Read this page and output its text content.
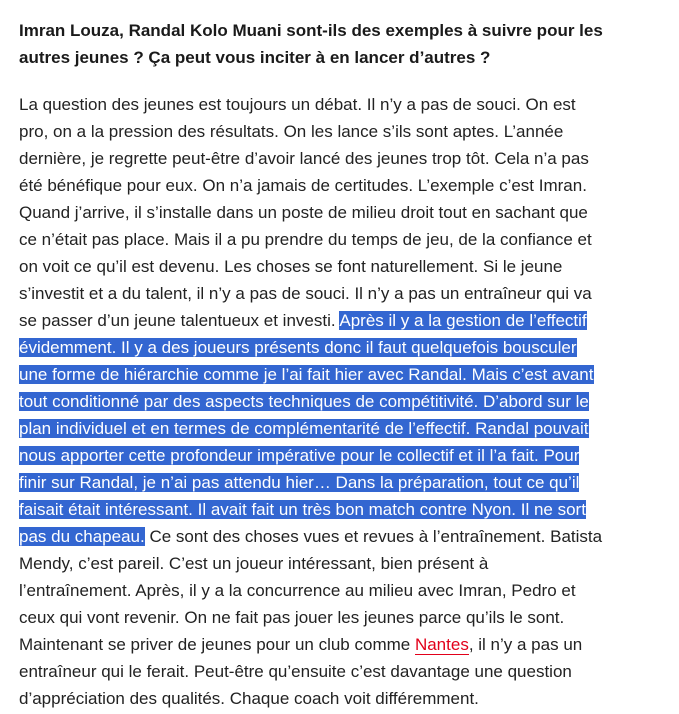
Imran Louza, Randal Kolo Muani sont-ils des exemples à suivre pour les
autres jeunes ? Ça peut vous inciter à en lancer d’autres ?
La question des jeunes est toujours un débat. Il n’y a pas de souci. On est
pro, on a la pression des résultats. On les lance s’ils sont aptes. L’année
dernière, je regrette peut-être d’avoir lancé des jeunes trop tôt. Cela n’a pas
été bénéfique pour eux. On n’a jamais de certitudes. L’exemple c’est Imran.
Quand j’arrive, il s’installe dans un poste de milieu droit tout en sachant que
ce n’était pas place. Mais il a pu prendre du temps de jeu, de la confiance et
on voit ce qu’il est devenu. Les choses se font naturellement. Si le jeune
s’investit et a du talent, il n’y a pas de souci. Il n’y a pas un entraîneur qui va
se passer d’un jeune talentueux et investi. Après il y a la gestion de l’effectif
évidemment. Il y a des joueurs présents donc il faut quelquefois bousculer
une forme de hiérarchie comme je l’ai fait hier avec Randal. Mais c’est avant
tout conditionné par des aspects techniques de compétitivité. D’abord sur le
plan individuel et en termes de complémentarité de l’effectif. Randal pouvait
nous apporter cette profondeur impérative pour le collectif et il l’a fait. Pour
finir sur Randal, je n’ai pas attendu hier… Dans la préparation, tout ce qu’il
faisait était intéressant. Il avait fait un très bon match contre Nyon. Il ne sort
pas du chapeau. Ce sont des choses vues et revues à l’entraînement. Batista
Mendy, c’est pareil. C’est un joueur intéressant, bien présent à
l’entraînement. Après, il y a la concurrence au milieu avec Imran, Pedro et
ceux qui vont revenir. On ne fait pas jouer les jeunes parce qu’ils le sont.
Maintenant se priver de jeunes pour un club comme Nantes, il n’y a pas un
entraîneur qui le ferait. Peut-être qu’ensuite c’est davantage une question
d’appréciation des qualités. Chaque coach voit différemment.
